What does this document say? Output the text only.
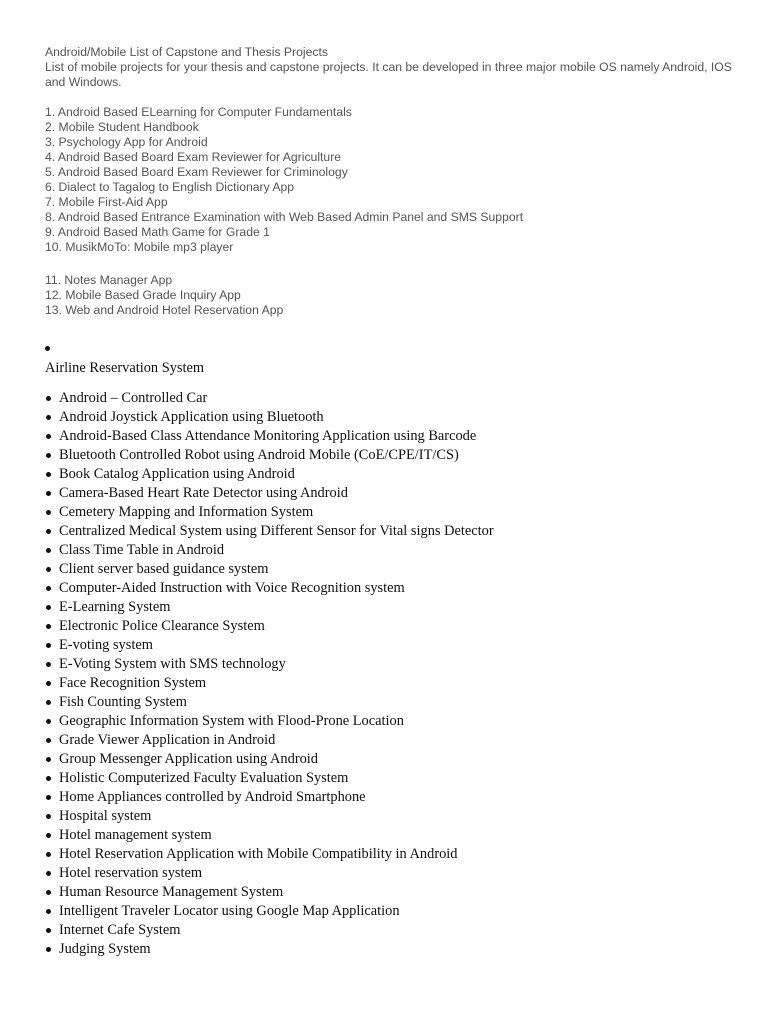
Android/Mobile List of Capstone and Thesis Projects

List of mobile projects for your thesis and capstone projects. It can be developed in three major mobile OS namely Android, IOS and Windows.

1. Android Based ELearning for Computer Fundamentals
2. Mobile Student Handbook
3. Psychology App for Android
4. Android Based Board Exam Reviewer for Agriculture
5. Android Based Board Exam Reviewer for Criminology
6. Dialect to Tagalog to English Dictionary App
7. Mobile First-Aid App
8. Android Based Entrance Examination with Web Based Admin Panel and SMS Support
9. Android Based Math Game for Grade 1
10. MusikMoTo: Mobile mp3 player
11. Notes Manager App
12. Mobile Based Grade Inquiry App
13. Web and Android Hotel Reservation App
Airline Reservation System
Android – Controlled Car
Android Joystick Application using Bluetooth
Android-Based Class Attendance Monitoring Application using Barcode
Bluetooth Controlled Robot using Android Mobile (CoE/CPE/IT/CS)
Book Catalog Application using Android
Camera-Based Heart Rate Detector using Android
Cemetery Mapping and Information System
Centralized Medical System using Different Sensor for Vital signs Detector
Class Time Table in Android
Client server based guidance system
Computer-Aided Instruction with Voice Recognition system
E-Learning System
Electronic Police Clearance System
E-voting system
E-Voting System with SMS technology
Face Recognition System
Fish Counting System
Geographic Information System with Flood-Prone Location
Grade Viewer Application in Android
Group Messenger Application using Android
Holistic Computerized Faculty Evaluation System
Home Appliances controlled by Android Smartphone
Hospital system
Hotel management system
Hotel Reservation Application with Mobile Compatibility in Android
Hotel reservation system
Human Resource Management System
Intelligent Traveler Locator using Google Map Application
Internet Cafe System
Judging System
